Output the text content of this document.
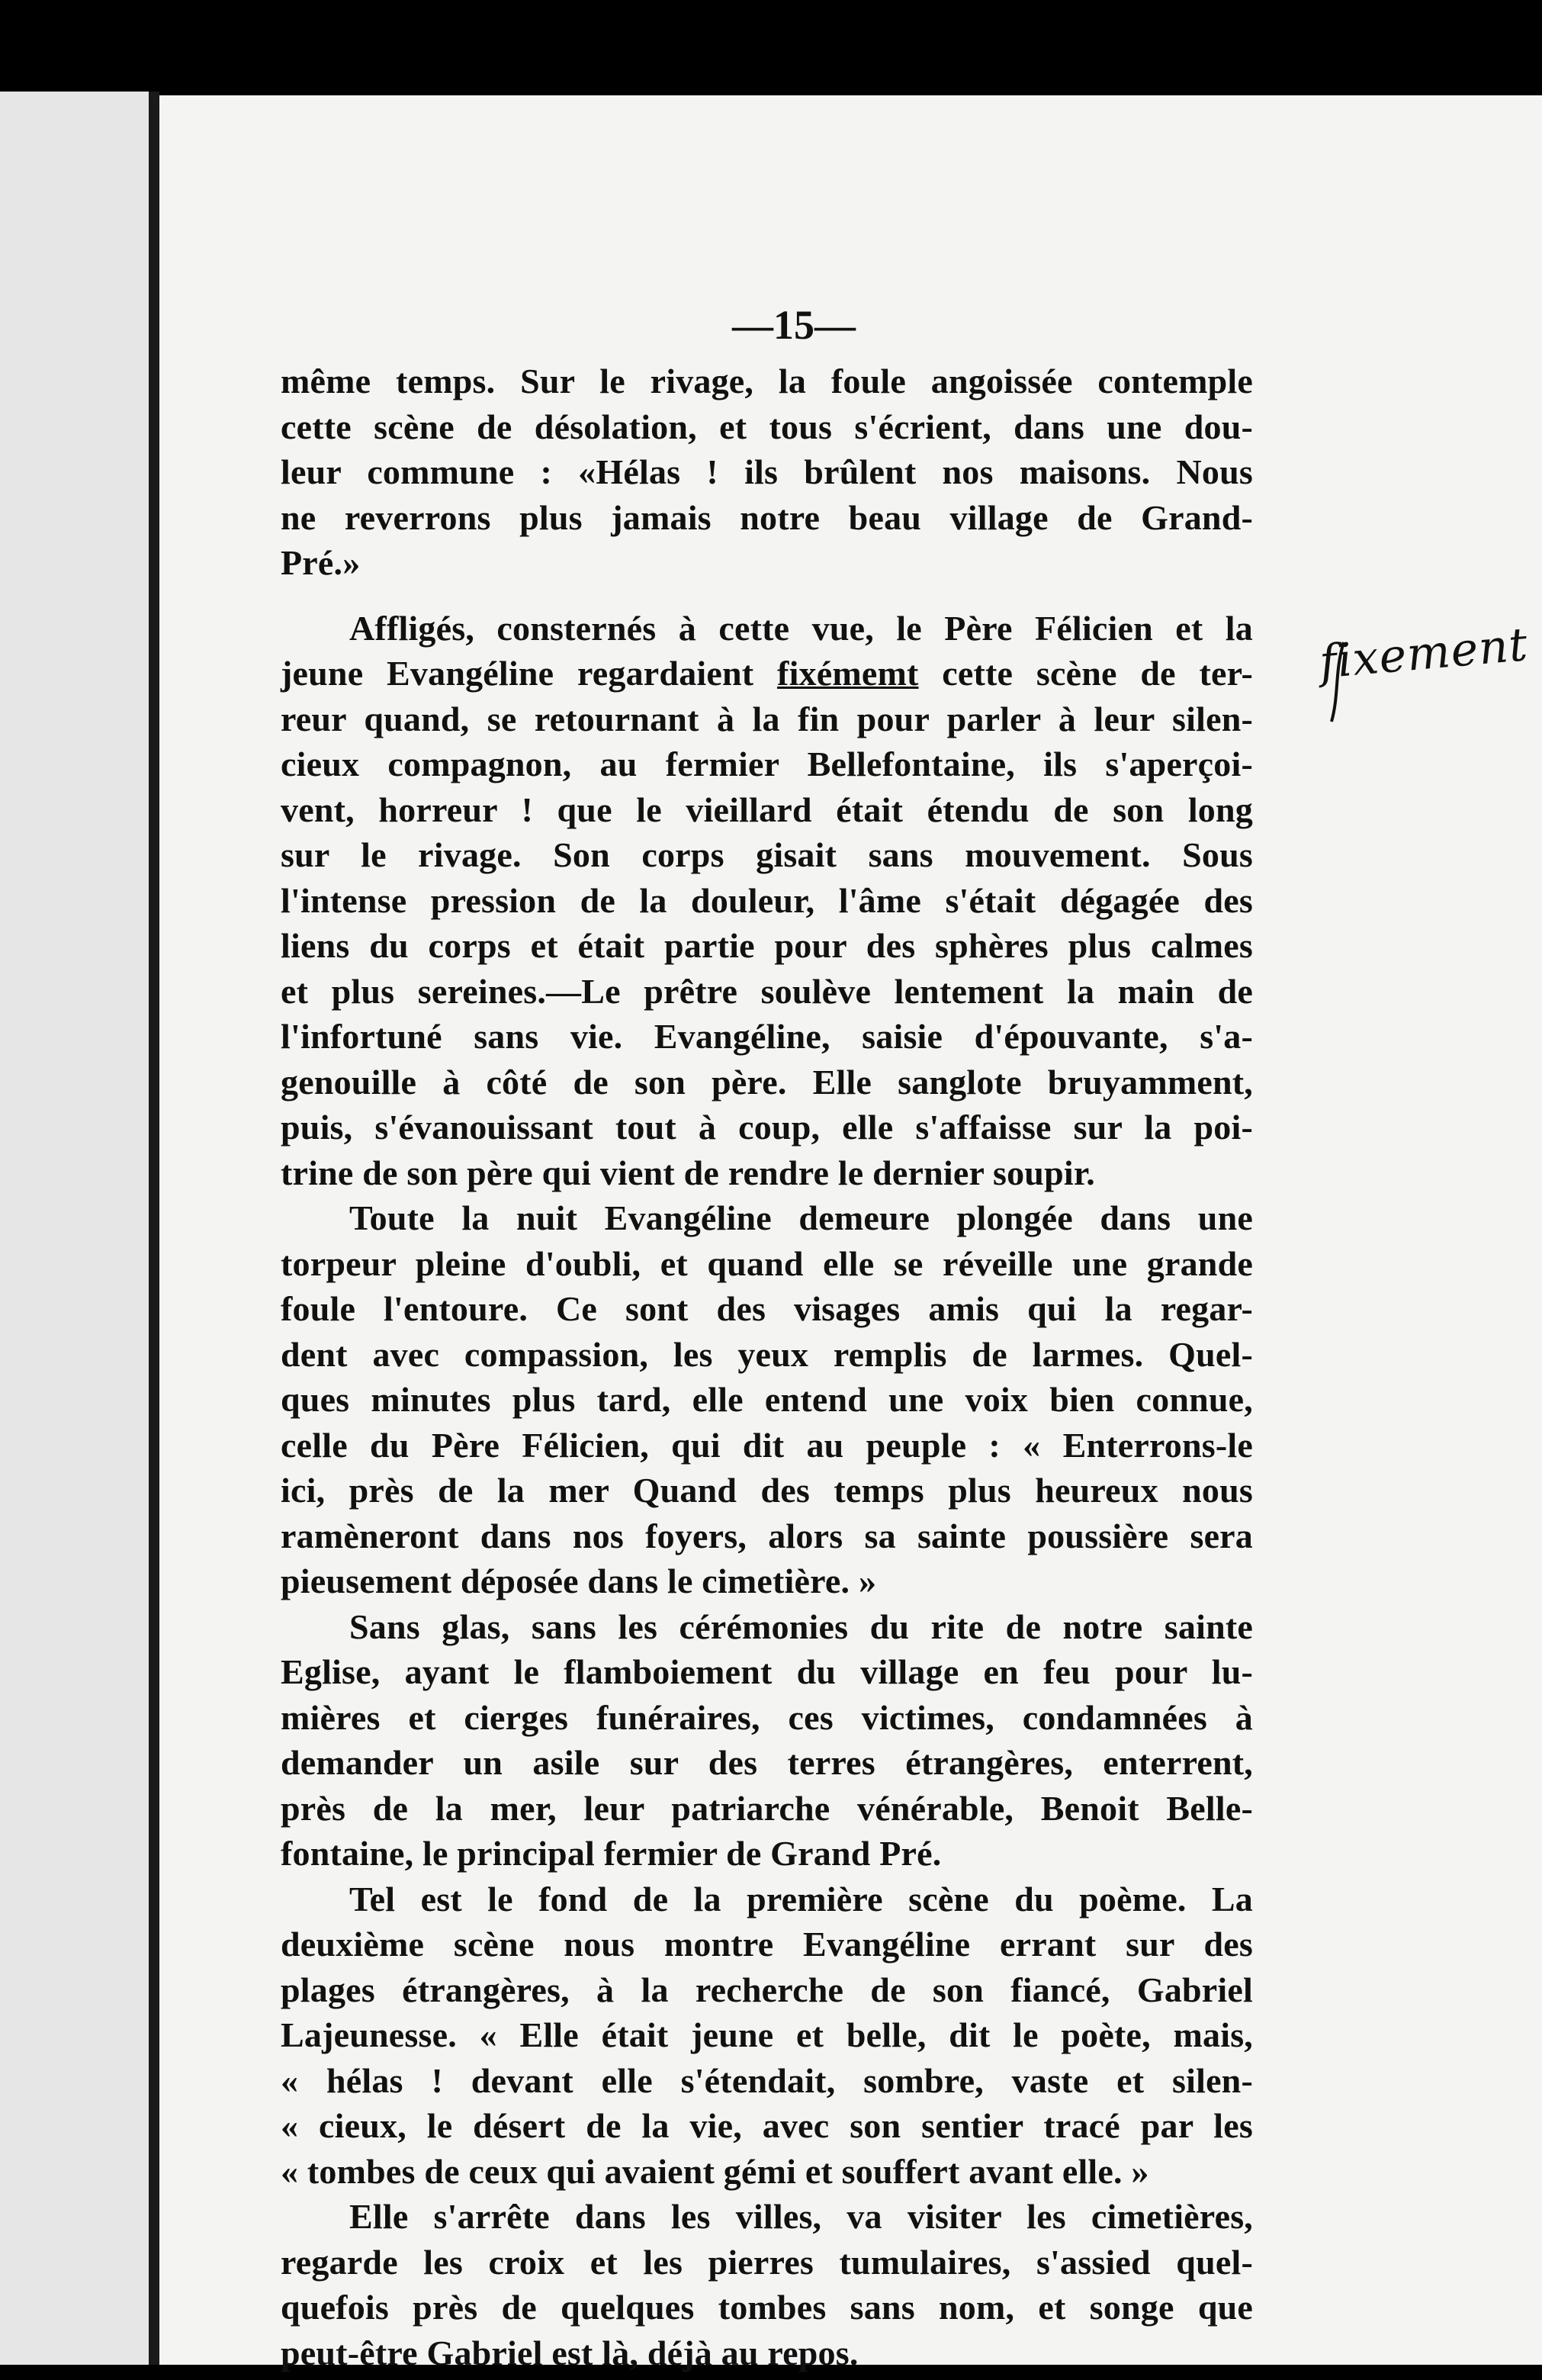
—15—
même temps. Sur le rivage, la foule angoissée contemple
cette scène de désolation, et tous s'écrient, dans une dou-
leur commune : «Hélas ! ils brûlent nos maisons. Nous
ne reverrons plus jamais notre beau village de Grand-
Pré.»
Affligés, consternés à cette vue, le Père Félicien et la
jeune Evangéline regardaient fixémemt cette scène de ter-
reur quand, se retournant à la fin pour parler à leur silen-
cieux compagnon, au fermier Bellefontaine, ils s'aperçoi-
vent, horreur ! que le vieillard était étendu de son long
sur le rivage. Son corps gisait sans mouvement. Sous
l'intense pression de la douleur, l'âme s'était dégagée des
liens du corps et était partie pour des sphères plus calmes
et plus sereines.—Le prêtre soulève lentement la main de
l'infortuné sans vie. Evangéline, saisie d'épouvante, s'a-
genouille à côté de son père. Elle sanglote bruyamment,
puis, s'évanouissant tout à coup, elle s'affaisse sur la poi-
trine de son père qui vient de rendre le dernier soupir.
Toute la nuit Evangéline demeure plongée dans une
torpeur pleine d'oubli, et quand elle se réveille une grande
foule l'entoure. Ce sont des visages amis qui la regar-
dent avec compassion, les yeux remplis de larmes. Quel-
ques minutes plus tard, elle entend une voix bien connue,
celle du Père Félicien, qui dit au peuple : « Enterrons-le
ici, près de la mer Quand des temps plus heureux nous
ramèneront dans nos foyers, alors sa sainte poussière sera
pieusement déposée dans le cimetière. »
Sans glas, sans les cérémonies du rite de notre sainte
Eglise, ayant le flamboiement du village en feu pour lu-
mières et cierges funéraires, ces victimes, condamnées à
demander un asile sur des terres étrangères, enterrent,
près de la mer, leur patriarche vénérable, Benoit Belle-
fontaine, le principal fermier de Grand Pré.
Tel est le fond de la première scène du poème. La
deuxième scène nous montre Evangéline errant sur des
plages étrangères, à la recherche de son fiancé, Gabriel
Lajeunesse. « Elle était jeune et belle, dit le poète, mais,
« hélas ! devant elle s'étendait, sombre, vaste et silen-
« cieux, le désert de la vie, avec son sentier tracé par les
« tombes de ceux qui avaient gémi et souffert avant elle. »
Elle s'arrête dans les villes, va visiter les cimetières,
regarde les croix et les pierres tumulaires, s'assied quel-
quefois près de quelques tombes sans nom, et songe que
peut-être Gabriel est là, déjà au repos.
fixement
